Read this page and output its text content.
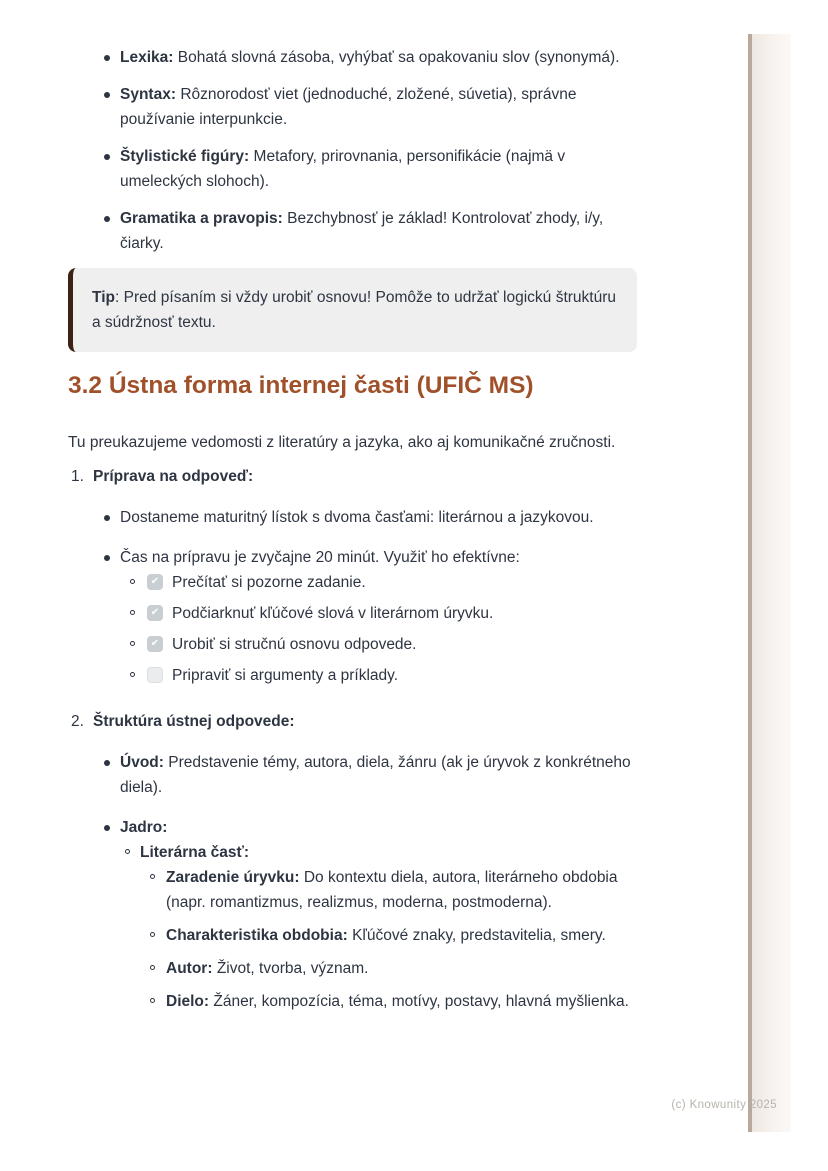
Lexika: Bohatá slovná zásoba, vyhýbať sa opakovaniu slov (synonymá).
Syntax: Rôznorodosť viet (jednoduché, zložené, súvetia), správne používanie interpunkcie.
Štylistické figúry: Metafory, prirovnania, personifikácie (najmä v umeleckých slohoch).
Gramatika a pravopis: Bezchybnosť je základ! Kontrolovať zhody, i/y, čiarky.

Tip: Pred písaním si vždy urobiť osnovu! Pomôže to udržať logickú štruktúru a súdržnosť textu.

3.2 Ústna forma internej časti (UFIČ MS)

Tu preukazujeme vedomosti z literatúry a jazyka, ako aj komunikačné zručnosti.

1. Príprava na odpoveď:
Dostaneme maturitný lístok s dvoma časťami: literárnou a jazykovou.
Čas na prípravu je zvyčajne 20 minút. Využiť ho efektívne:
✔
Prečítať si pozorne zadanie.
✔
Podčiarknuť kľúčové slová v literárnom úryvku.
✔
Urobiť si stručnú osnovu odpovede.
Pripraviť si argumenty a príklady.
2. Štruktúra ústnej odpovede:
Úvod: Predstavenie témy, autora, diela, žánru (ak je úryvok z konkrétneho diela).
Jadro:
Literárna časť:
Zaradenie úryvku: Do kontextu diela, autora, literárneho obdobia (napr. romantizmus, realizmus, moderna, postmoderna).
Charakteristika obdobia: Kľúčové znaky, predstavitelia, smery.
Autor: Život, tvorba, význam.
Dielo: Žáner, kompozícia, téma, motívy, postavy, hlavná myšlienka.
(c) Knowunity 2025
